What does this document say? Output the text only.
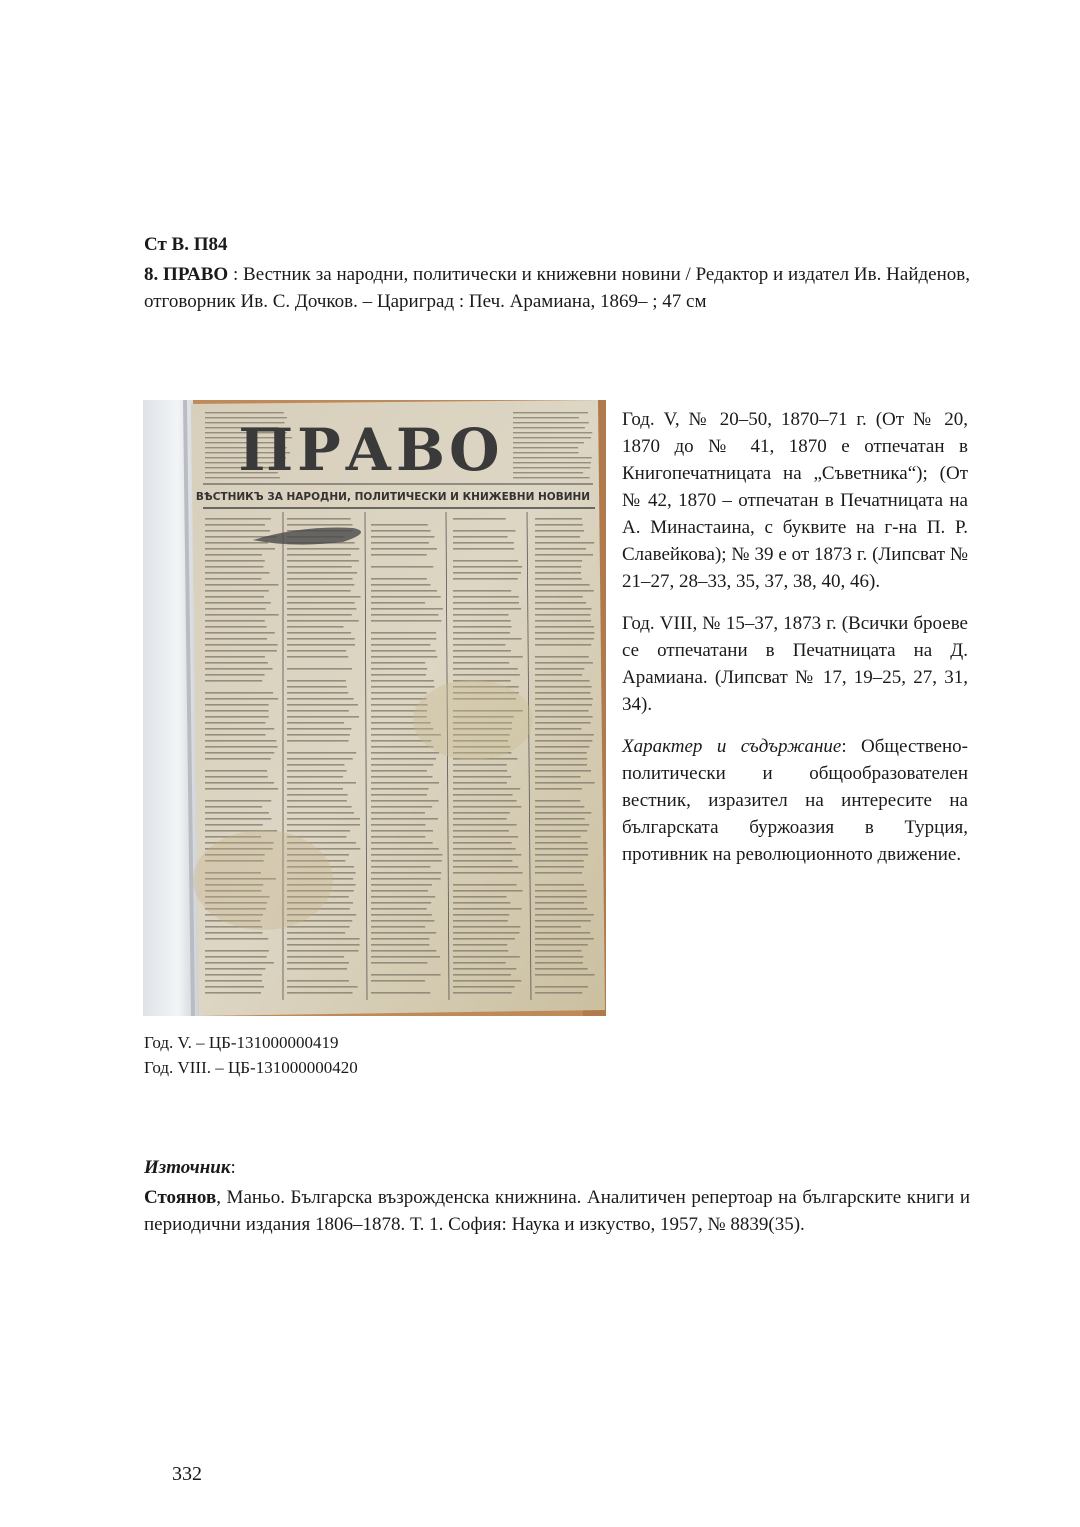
Ст В. П84
8. ПРАВО : Вестник за народни, политически и книжевни новини / Редактор и издател Ив. Найденов, отговорник Ив. С. Дочков. – Цариград : Печ. Арамиана, 1869– ; 47 см
ПРАВО
ВѢСТНИКЪ ЗА НАРОДНИ, ПОЛИТИЧЕСКИ И КНИЖЕВНИ НОВИНИ

Год. V, № 20–50, 1870–71 г. (От № 20, 1870 до № 41, 1870 е отпечатан в Книгопечатницата на „Съветника“); (От № 42, 1870 – отпечатан в Печатницата на А. Минастаина, с буквите на г-на П. Р. Славейкова); № 39 е от 1873 г. (Липсват № 21–27, 28–33, 35, 37, 38, 40, 46).

Год. VIII, № 15–37, 1873 г. (Всички броеве се отпечатани в Печатницата на Д. Арамиана. (Липсват № 17, 19–25, 27, 31, 34).

Характер и съдържание: Обществено-политически и общообразователен вестник, изразител на интересите на българската буржоазия в Турция, противник на революционното движение.

Год. V. – ЦБ-131000000419
Год. VIII. – ЦБ-131000000420
Източник:
Стоянов, Маньо. Българска възрожденска книжнина. Аналитичен репертоар на българските книги и периодични издания 1806–1878. Т. 1. София: Наука и изкуство, 1957, № 8839(35).
332
